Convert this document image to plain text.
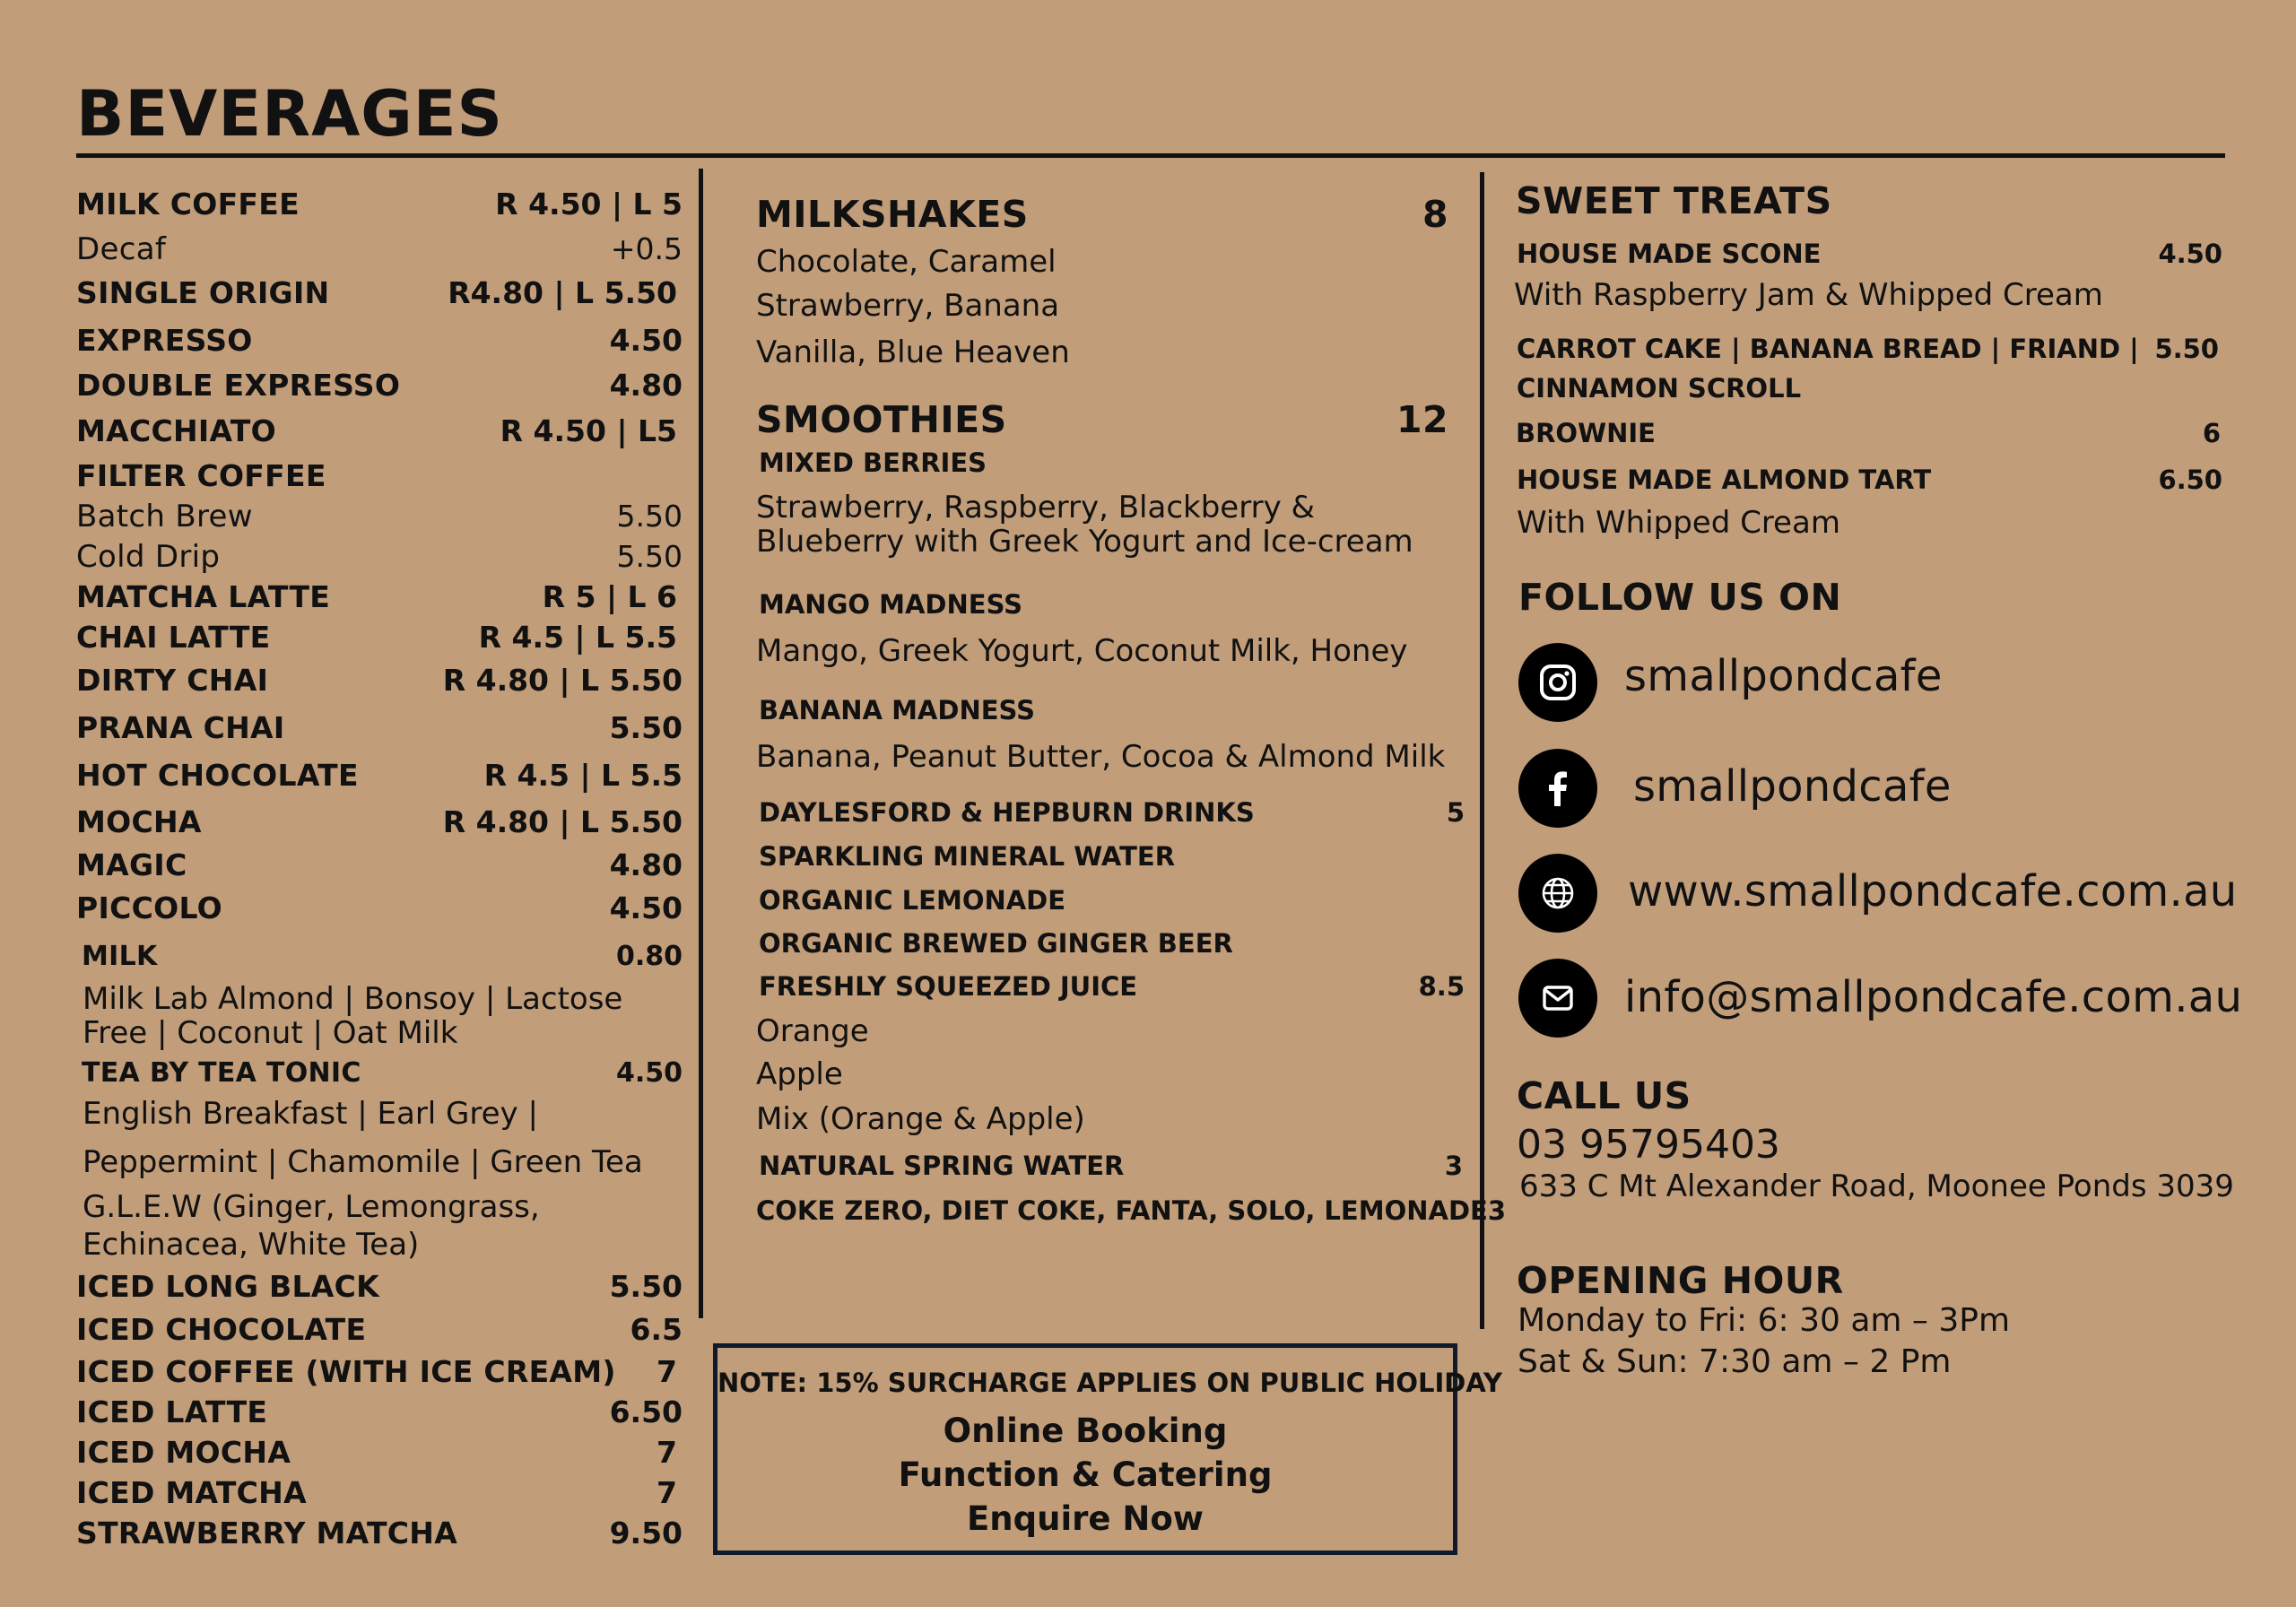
BEVERAGES
MILK COFFEE	R 4.50 | L 5
Decaf	+0.5
SINGLE ORIGIN	R4.80 | L 5.50
EXPRESSO	4.50
DOUBLE EXPRESSO	4.80
MACCHIATO	R 4.50 | L5
FILTER COFFEE
Batch Brew	5.50
Cold Drip	5.50
MATCHA LATTE	R 5 | L 6
CHAI LATTE	R 4.5 | L 5.5
DIRTY CHAI	R 4.80 | L 5.50
PRANA CHAI	5.50
HOT CHOCOLATE	R 4.5 | L 5.5
MOCHA	R 4.80 | L 5.50
MAGIC	4.80
PICCOLO	4.50
MILK	0.80
Milk Lab Almond | Bonsoy | Lactose Free | Coconut | Oat Milk
TEA BY TEA TONIC	4.50
English Breakfast | Earl Grey |
Peppermint | Chamomile | Green Tea
G.L.E.W (Ginger, Lemongrass, Echinacea, White Tea)
ICED LONG BLACK	5.50
ICED CHOCOLATE	6.5
ICED COFFEE (WITH ICE CREAM) 7
ICED LATTE	6.50
ICED MOCHA	7
ICED MATCHA	7
STRAWBERRY MATCHA	9.50
MILKSHAKES	8
Chocolate, Caramel
Strawberry, Banana
Vanilla, Blue Heaven
SMOOTHIES	12
MIXED BERRIES
Strawberry, Raspberry, Blackberry & Blueberry with Greek Yogurt and Ice-cream
MANGO MADNESS
Mango, Greek Yogurt, Coconut Milk, Honey
BANANA MADNESS
Banana, Peanut Butter, Cocoa & Almond Milk
DAYLESFORD & HEPBURN DRINKS	5
SPARKLING MINERAL WATER
ORGANIC LEMONADE
ORGANIC BREWED GINGER BEER
FRESHLY SQUEEZED JUICE	8.5
Orange
Apple
Mix (Orange & Apple)
NATURAL SPRING WATER	3
COKE ZERO, DIET COKE, FANTA, SOLO, LEMONADE 3
NOTE: 15% SURCHARGE APPLIES ON PUBLIC HOLIDAY
Online Booking
Function & Catering
Enquire Now
SWEET TREATS
HOUSE MADE SCONE	4.50
With Raspberry Jam & Whipped Cream
CARROT CAKE | BANANA BREAD | FRIAND | 5.50
CINNAMON SCROLL
BROWNIE	6
HOUSE MADE ALMOND TART	6.50
With Whipped Cream
FOLLOW US ON
smallpondcafe
smallpondcafe
www.smallpondcafe.com.au
info@smallpondcafe.com.au
CALL US
03 95795403
633 C Mt Alexander Road, Moonee Ponds 3039
OPENING HOUR
Monday to Fri: 6: 30 am – 3Pm
Sat & Sun: 7:30 am – 2 Pm
